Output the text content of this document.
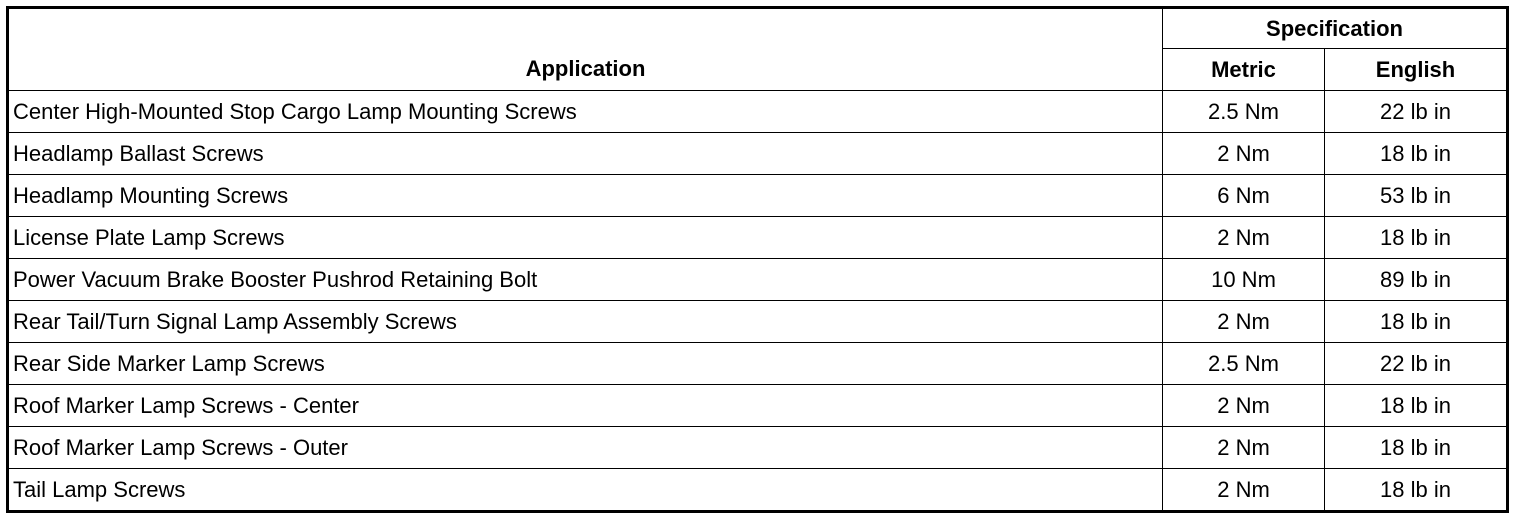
Application	Specification	
	Metric	English
Center High-Mounted Stop Cargo Lamp Mounting Screws	2.5 Nm	22 lb in
Headlamp Ballast Screws	2 Nm	18 lb in
Headlamp Mounting Screws	6 Nm	53 lb in
License Plate Lamp Screws	2 Nm	18 lb in
Power Vacuum Brake Booster Pushrod Retaining Bolt	10 Nm	89 lb in
Rear Tail/Turn Signal Lamp Assembly Screws	2 Nm	18 lb in
Rear Side Marker Lamp Screws	2.5 Nm	22 lb in
Roof Marker Lamp Screws - Center	2 Nm	18 lb in
Roof Marker Lamp Screws - Outer	2 Nm	18 lb in
Tail Lamp Screws	2 Nm	18 lb in
